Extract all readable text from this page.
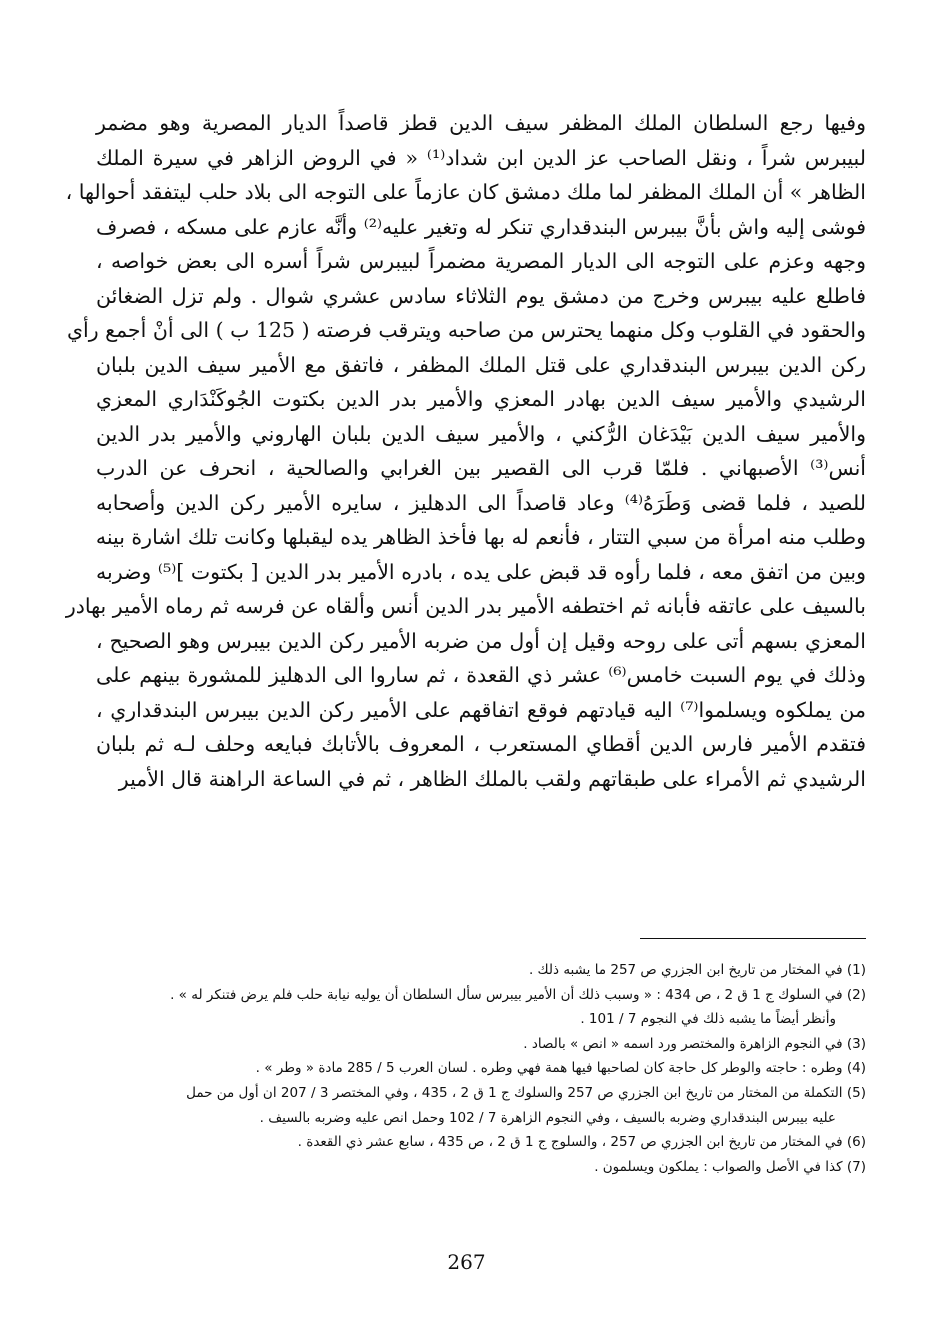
وفيها رجع السلطان الملك المظفر سيف الدين قطز قاصداً الديار المصرية وهو مضمر
لبيبرس شراً ، ونقل الصاحب عز الدين ابن شداد⁽¹⁾ « في الروض الزاهر في سيرة الملك
الظاهر » أن الملك المظفر لما ملك دمشق كان عازماً على التوجه الى بلاد حلب ليتفقد أحوالها ،
فوشى إليه واش بأنَّ بيبرس البندقداري تنكر له وتغير عليه⁽²⁾ وأنَّه عازم على مسكه ، فصرف
وجهه وعزم على التوجه الى الديار المصرية مضمراً لبيبرس شراً أسره الى بعض خواصه ،
فاطلع عليه بيبرس وخرج من دمشق يوم الثلاثاء سادس عشري شوال . ولم تزل الضغائن
والحقود في القلوب وكل منهما يحترس من صاحبه ويترقب فرصته ( 125 ب ) الى أنْ أجمع رأي
ركن الدين بيبرس البندقداري على قتل الملك المظفر ، فاتفق مع الأمير سيف الدين بلبان
الرشيدي والأمير سيف الدين بهادر المعزي والأمير بدر الدين بكتوت الجُوكَنْدَاري المعزي
والأمير سيف الدين بَيْدَغان الرُّكني ، والأمير سيف الدين بلبان الهاروني والأمير بدر الدين
أنس⁽³⁾ الأصبهاني . فلمّا قرب الى القصير بين الغرابي والصالحية ، انحرف عن الدرب
للصيد ، فلما قضى وَطَرَهُ⁽⁴⁾ وعاد قاصداً الى الدهليز ، سايره الأمير ركن الدين وأصحابه
وطلب منه امرأة من سبي التتار ، فأنعم له بها فأخذ الظاهر يده ليقبلها وكانت تلك اشارة بينه
وبين من اتفق معه ، فلما رأوه قد قبض على يده ، بادره الأمير بدر الدين [ بكتوت ]⁽⁵⁾ وضربه
بالسيف على عاتقه فأبانه ثم اختطفه الأمير بدر الدين أنس وألقاه عن فرسه ثم رماه الأمير بهادر
المعزي بسهم أتى على روحه وقيل إن أول من ضربه الأمير ركن الدين بيبرس وهو الصحيح ،
وذلك في يوم السبت خامس⁽⁶⁾ عشر ذي القعدة ، ثم ساروا الى الدهليز للمشورة بينهم على
من يملكوه ويسلموا⁽⁷⁾ اليه قيادتهم فوقع اتفاقهم على الأمير ركن الدين بيبرس البندقداري ،
فتقدم الأمير فارس الدين أقطاي المستعرب ، المعروف بالأتابك فبايعه وحلف لـه ثم بلبان
الرشيدي ثم الأمراء على طبقاتهم ولقب بالملك الظاهر ، ثم في الساعة الراهنة قال الأمير
(1) في المختار من تاريخ ابن الجزري ص 257 ما يشبه ذلك .
(2) في السلوك ج 1 ق 2 ، ص 434 : « وسبب ذلك أن الأمير بيبرس سأل السلطان أن يوليه نيابة حلب فلم يرض فتنكر له » .
وأنظر أيضاً ما يشبه ذلك في النجوم 7 / 101 .
(3) في النجوم الزاهرة والمختصر ورد اسمه « انص » بالصاد .
(4) وطره : حاجته والوطر كل حاجة كان لصاحبها فيها همة فهي وطره . لسان العرب 5 / 285 مادة « وطر » .
(5) التكملة من المختار من تاريخ ابن الجزري ص 257 والسلوك ج 1 ق 2 ، 435 ، وفي المختصر 3 / 207 ان أول من حمل
عليه بيبرس البندقداري وضربه بالسيف ، وفي النجوم الزاهرة 7 / 102 وحمل انص عليه وضربه بالسيف .
(6) في المختار من تاريخ ابن الجزري ص 257 ، والسلوج ج 1 ق 2 ، ص 435 ، سابع عشر ذي القعدة .
(7) كذا في الأصل والصواب : يملكون ويسلمون .
267
